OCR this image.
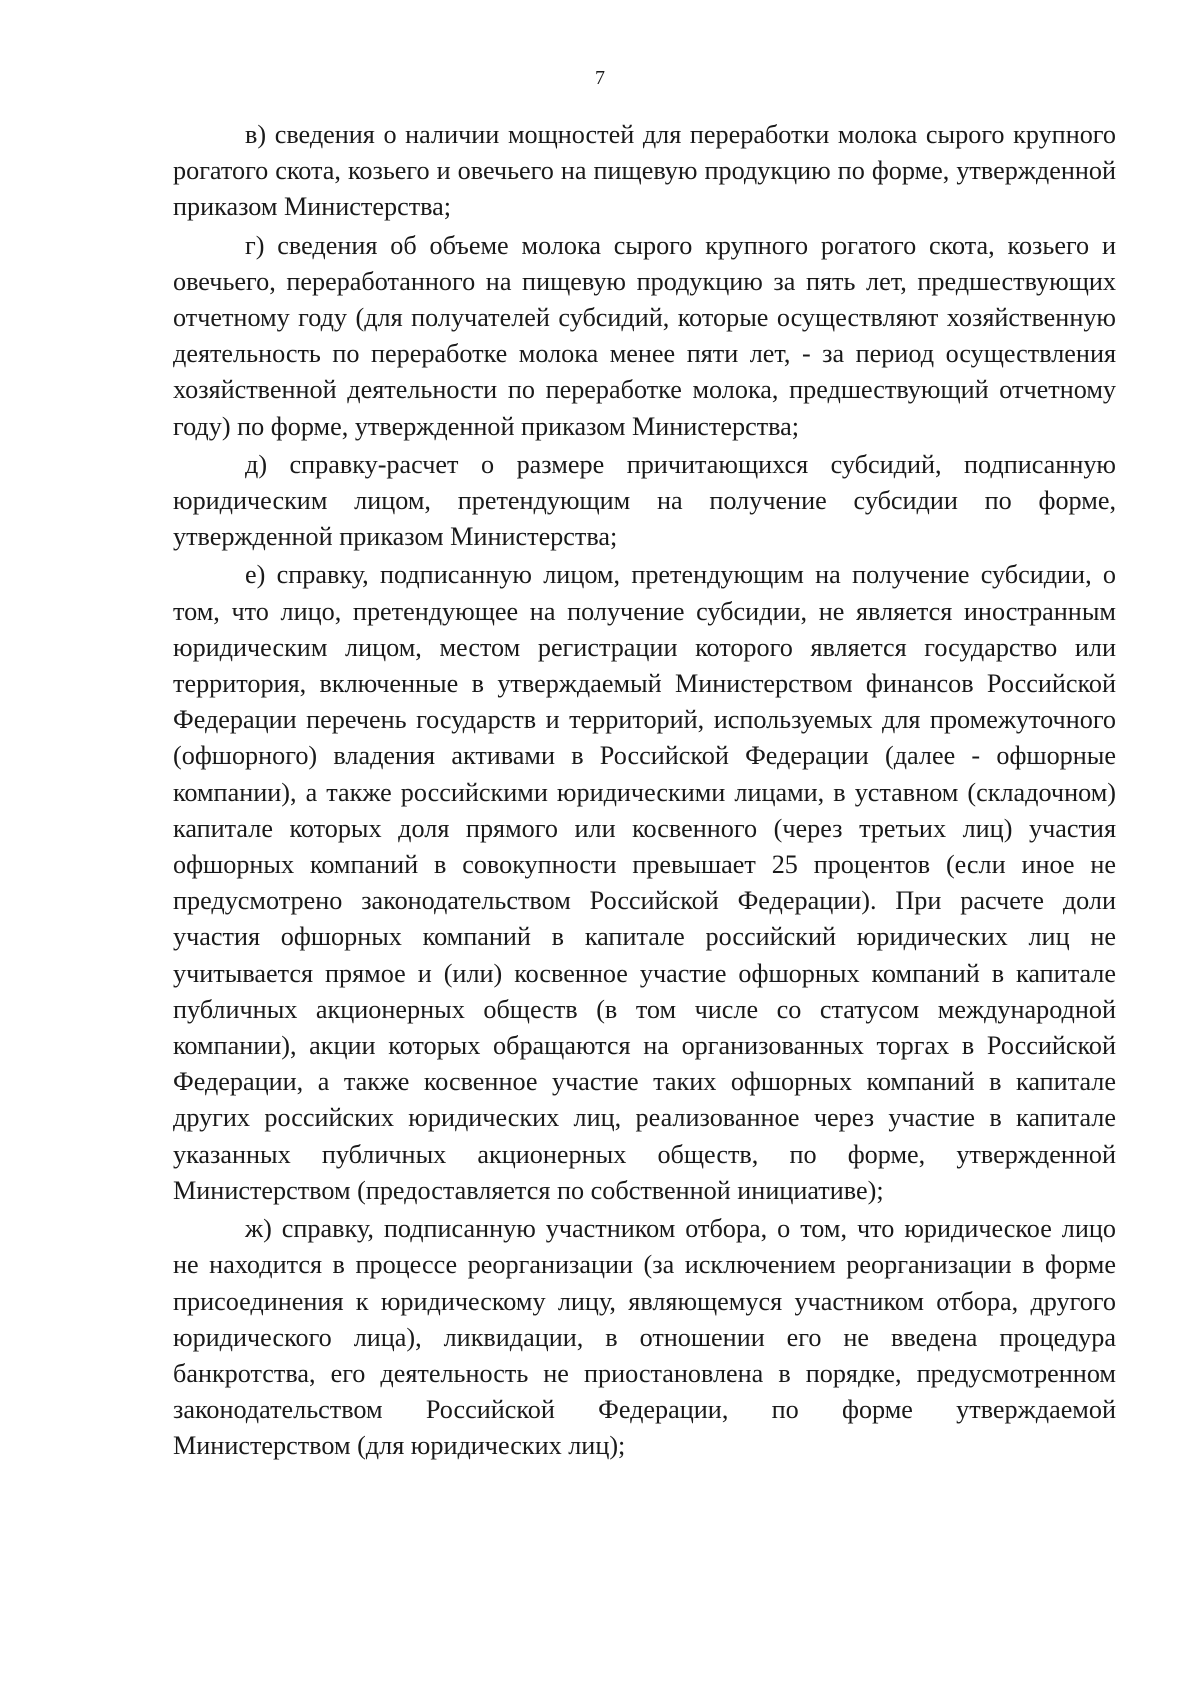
7

в) сведения о наличии мощностей для переработки молока сырого крупного рогатого скота, козьего и овечьего на пищевую продукцию по форме, утвержденной приказом Министерства;

г) сведения об объеме молока сырого крупного рогатого скота, козьего и овечьего, переработанного на пищевую продукцию за пять лет, предшествующих отчетному году (для получателей субсидий, которые осуществляют хозяйственную деятельность по переработке молока менее пяти лет, - за период осуществления хозяйственной деятельности по переработке молока, предшествующий отчетному году) по форме, утвержденной приказом Министерства;

д) справку-расчет о размере причитающихся субсидий, подписанную юридическим лицом, претендующим на получение субсидии по форме, утвержденной приказом Министерства;

е) справку, подписанную лицом, претендующим на получение субсидии, о том, что лицо, претендующее на получение субсидии, не является иностранным юридическим лицом, местом регистрации которого является государство или территория, включенные в утверждаемый Министерством финансов Российской Федерации перечень государств и территорий, используемых для промежуточного (офшорного) владения активами в Российской Федерации (далее - офшорные компании), а также российскими юридическими лицами, в уставном (складочном) капитале которых доля прямого или косвенного (через третьих лиц) участия офшорных компаний в совокупности превышает 25 процентов (если иное не предусмотрено законодательством Российской Федерации). При расчете доли участия офшорных компаний в капитале российский юридических лиц не учитывается прямое и (или) косвенное участие офшорных компаний в капитале публичных акционерных обществ (в том числе со статусом международной компании), акции которых обращаются на организованных торгах в Российской Федерации, а также косвенное участие таких офшорных компаний в капитале других российских юридических лиц, реализованное через участие в капитале указанных публичных акционерных обществ, по форме, утвержденной Министерством (предоставляется по собственной инициативе);

ж) справку, подписанную участником отбора, о том, что юридическое лицо не находится в процессе реорганизации (за исключением реорганизации в форме присоединения к юридическому лицу, являющемуся участником отбора, другого юридического лица), ликвидации, в отношении его не введена процедура банкротства, его деятельность не приостановлена в порядке, предусмотренном законодательством Российской Федерации, по форме утверждаемой Министерством (для юридических лиц);
